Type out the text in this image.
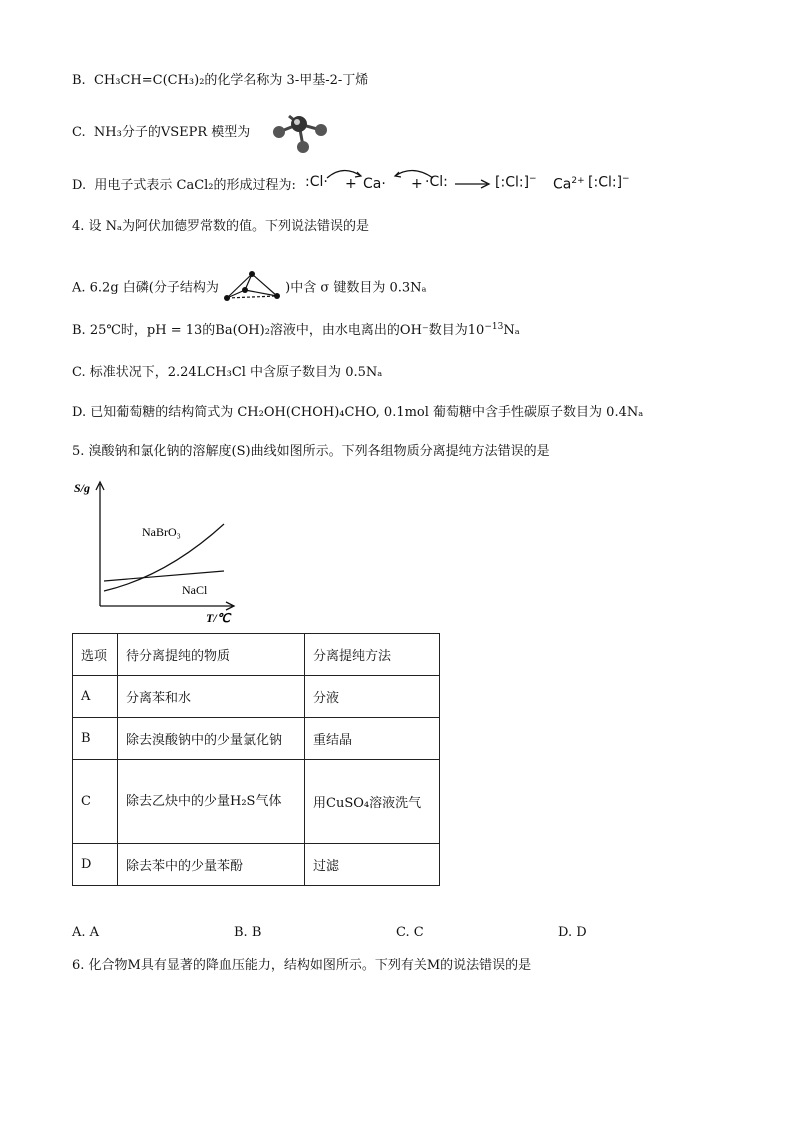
B. CH₃CH=C(CH₃)₂的化学名称为 3-甲基-2-丁烯
C. NH₃分子的VSEPR 模型为
D. 用电子式表示 CaCl₂的形成过程为: :Cl· + Ca· + ·Cl: → [:Cl:]− $Ca^{2+}$ [:Cl:]−
4. 设 Nₐ为阿伏加德罗常数的值。下列说法错误的是
A. 6.2g 白磷(分子结构为	)中含 σ 键数目为 0.3Nₐ
B. 25℃时，pH = 13的Ba(OH)₂溶液中，由水电离出的OH⁻数目为$10^{-13}N_a$
C. 标准状况下，2.24LCH₃Cl 中含原子数目为 0.5Nₐ
D. 已知葡萄糖的结构简式为 CH₂OH(CHOH)₄CHO, 0.1mol 葡萄糖中含手性碳原子数目为 0.4Nₐ
5. 溴酸钠和氯化钠的溶解度(S)曲线如图所示。下列各组物质分离提纯方法错误的是
S/g
NaBrO₃
NaCl
T/℃
选项	待分离提纯的物质	分离提纯方法
A	分离苯和水	分液
B	除去溴酸钠中的少量氯化钠	重结晶
C	除去乙炔中的少量H₂S气体	用CuSO₄溶液洗气
D	除去苯中的少量苯酚	过滤
A. A	B. B	C. C	D. D
6. 化合物M具有显著的降血压能力，结构如图所示。下列有关M的说法错误的是
